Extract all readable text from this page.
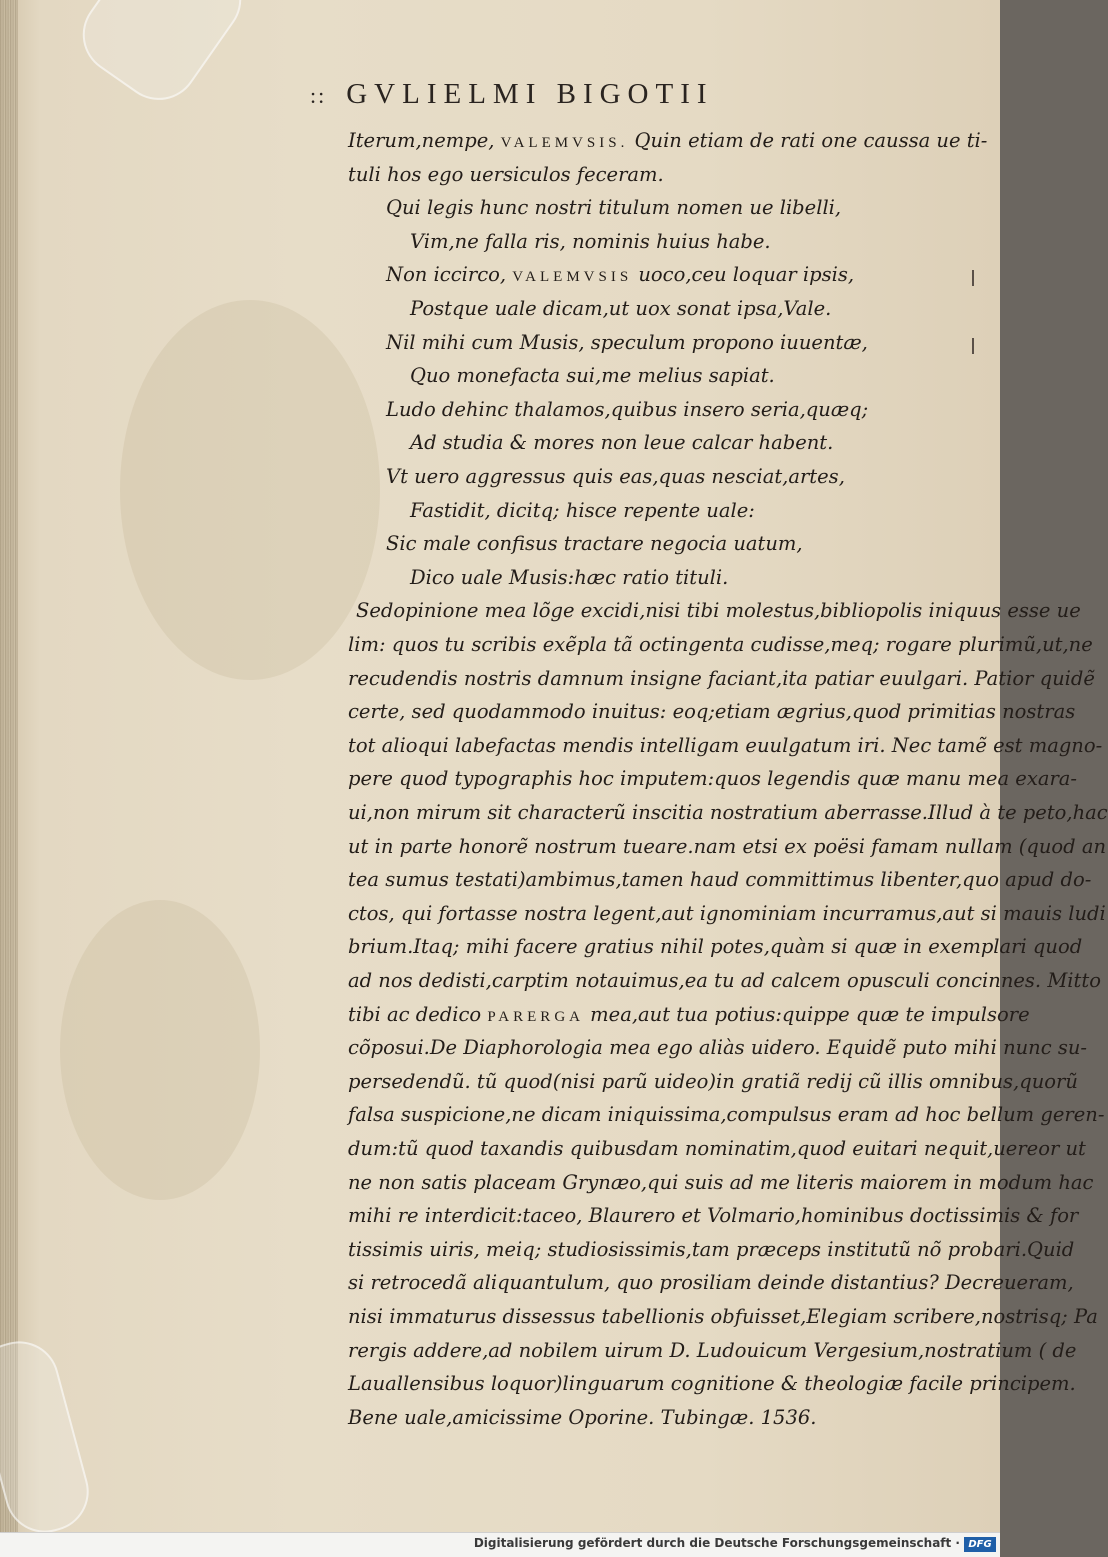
:: GVLIELMI BIGOTII
Iterum,nempe, VALEMVSIS. Quin etiam de rati one caussa ue ti-
tuli hos ego uersiculos feceram.
Qui legis hunc nostri titulum nomen ue libelli,
Vim,ne falla ris, nominis huius habe.
Non iccirco, VALEMVSIS uoco,ceu loquar ipsis,
Postque uale dicam,ut uox sonat ipsa,Vale.
Nil mihi cum Musis, speculum propono iuuentæ,
Quo monefacta sui,me melius sapiat.
Ludo dehinc thalamos,quibus insero seria,quæq;
Ad studia & mores non leue calcar habent.
Vt uero aggressus quis eas,quas nesciat,artes,
Fastidit, dicitq; hisce repente uale:
Sic male confisus tractare negocia uatum,
Dico uale Musis:hæc ratio tituli.
Sedopinione mea lõge excidi,nisi tibi molestus,bibliopolis iniquus esse ue
lim: quos tu scribis exẽpla tã octingenta cudisse,meq; rogare plurimũ,ut,ne
recudendis nostris damnum insigne faciant,ita patiar euulgari. Patior quidẽ
certe, sed quodammodo inuitus: eoq;etiam ægrius,quod primitias nostras
tot alioqui labefactas mendis intelligam euulgatum iri. Nec tamẽ est magno-
pere quod typographis hoc imputem:quos legendis quæ manu mea exara-
ui,non mirum sit characterũ inscitia nostratium aberrasse.Illud à te peto,hac
ut in parte honorẽ nostrum tueare.nam etsi ex poësi famam nullam (quod an
tea sumus testati)ambimus,tamen haud committimus libenter,quo apud do-
ctos, qui fortasse nostra legent,aut ignominiam incurramus,aut si mauis ludi
brium.Itaq; mihi facere gratius nihil potes,quàm si quæ in exemplari quod
ad nos dedisti,carptim notauimus,ea tu ad calcem opusculi concinnes. Mitto
tibi ac dedico PARERGA mea,aut tua potius:quippe quæ te impulsore
cõposui.De Diaphorologia mea ego aliàs uidero. Equidẽ puto mihi nunc su-
persedendũ. tũ quod(nisi parũ uideo)in gratiã redij cũ illis omnibus,quorũ
falsa suspicione,ne dicam iniquissima,compulsus eram ad hoc bellum geren-
dum:tũ quod taxandis quibusdam nominatim,quod euitari nequit,uereor ut
ne non satis placeam Grynæo,qui suis ad me literis maiorem in modum hac
mihi re interdicit:taceo, Blaurero et Volmario,hominibus doctissimis & for
tissimis uiris, meiq; studiosissimis,tam præceps institutũ nõ probari.Quid
si retrocedã aliquantulum, quo prosiliam deinde distantius? Decreueram,
nisi immaturus dissessus tabellionis obfuisset,Elegiam scribere,nostrisq; Pa
rergis addere,ad nobilem uirum D. Ludouicum Vergesium,nostratium ( de
Lauallensibus loquor)linguarum cognitione & theologiæ facile principem.
Bene uale,amicissime Oporine. Tubingæ. 1536.
Digitalisierung gefördert durch die Deutsche Forschungsgemeinschaft · DFG
